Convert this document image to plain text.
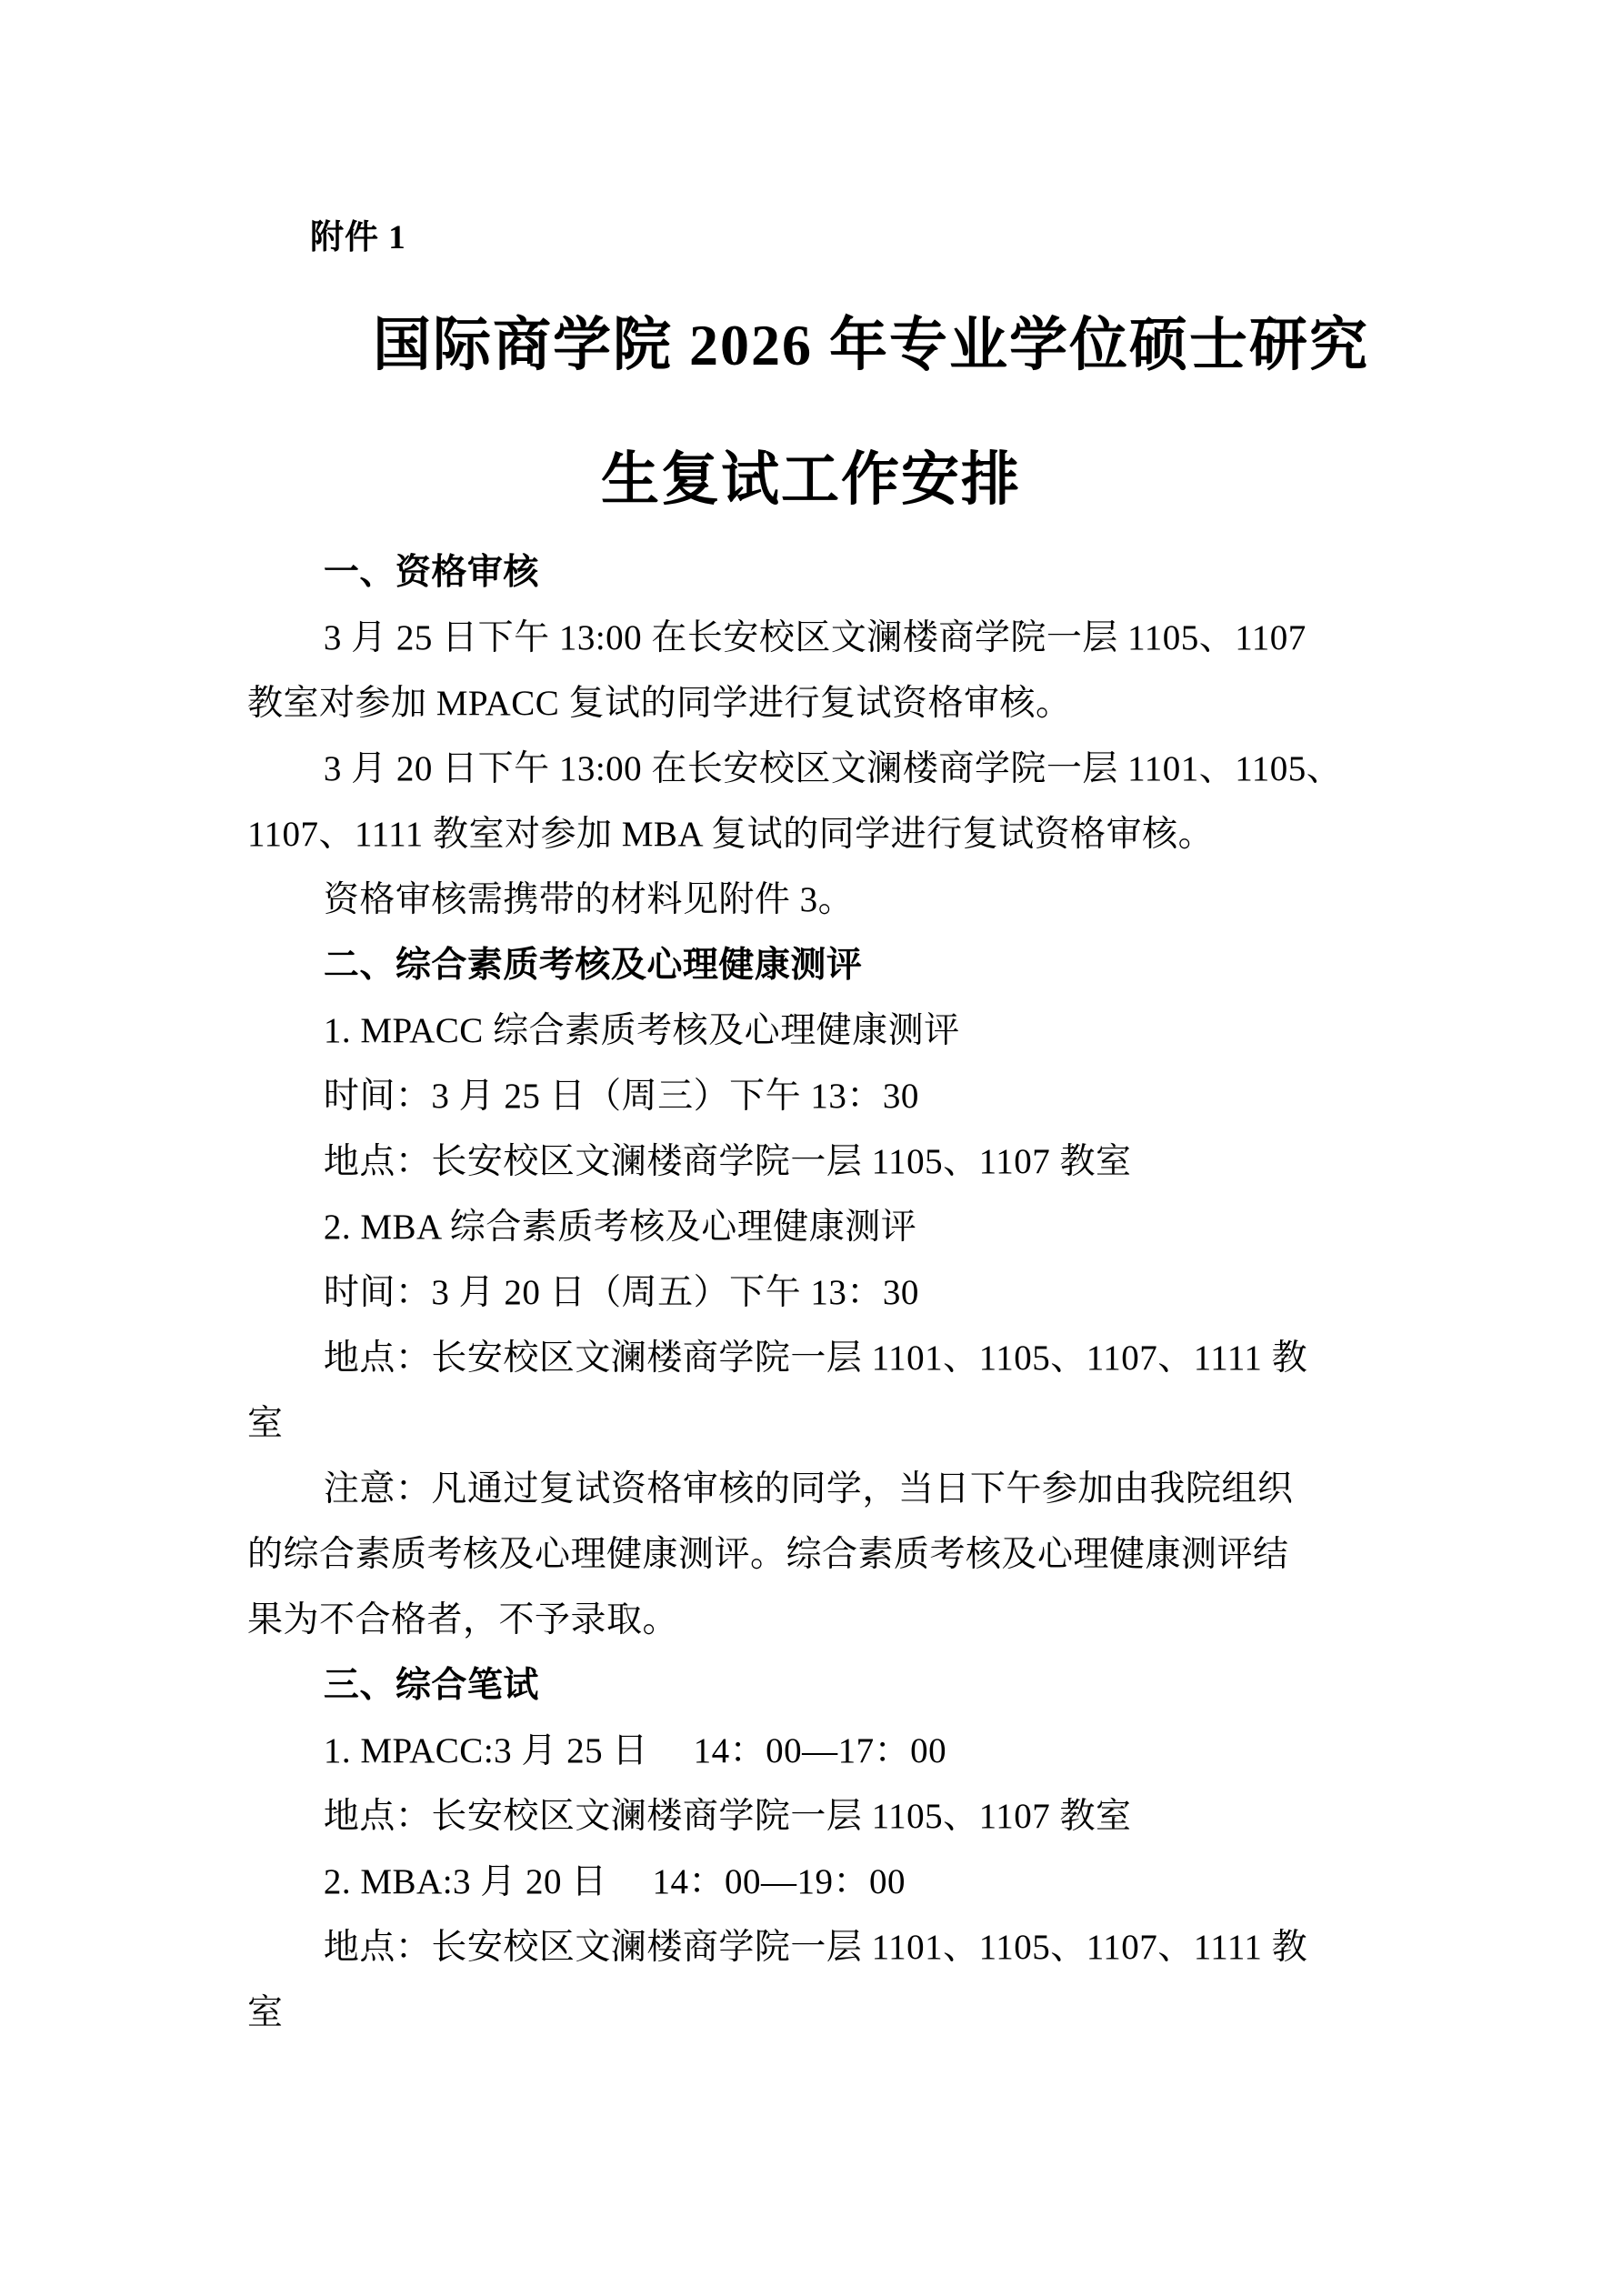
附件 1
国际商学院 2026 年专业学位硕士研究
生复试工作安排

一、资格审核

3 月 25 日下午 13:00 在长安校区文澜楼商学院一层 1105、1107

教室对参加 MPACC 复试的同学进行复试资格审核。

3 月 20 日下午 13:00 在长安校区文澜楼商学院一层 1101、1105、

1107、1111 教室对参加 MBA 复试的同学进行复试资格审核。

资格审核需携带的材料见附件 3。

二、综合素质考核及心理健康测评

1. MPACC 综合素质考核及心理健康测评

时间：3 月 25 日（周三）下午 13：30

地点：长安校区文澜楼商学院一层 1105、1107 教室

2. MBA 综合素质考核及心理健康测评

时间：3 月 20 日（周五）下午 13：30

地点：长安校区文澜楼商学院一层 1101、1105、1107、1111 教

室

注意：凡通过复试资格审核的同学，当日下午参加由我院组织

的综合素质考核及心理健康测评。综合素质考核及心理健康测评结

果为不合格者，不予录取。

三、综合笔试

1. MPACC:3 月 25 日　 14：00—17：00

地点：长安校区文澜楼商学院一层 1105、1107 教室

2. MBA:3 月 20 日　 14：00—19：00

地点：长安校区文澜楼商学院一层 1101、1105、1107、1111 教

室
